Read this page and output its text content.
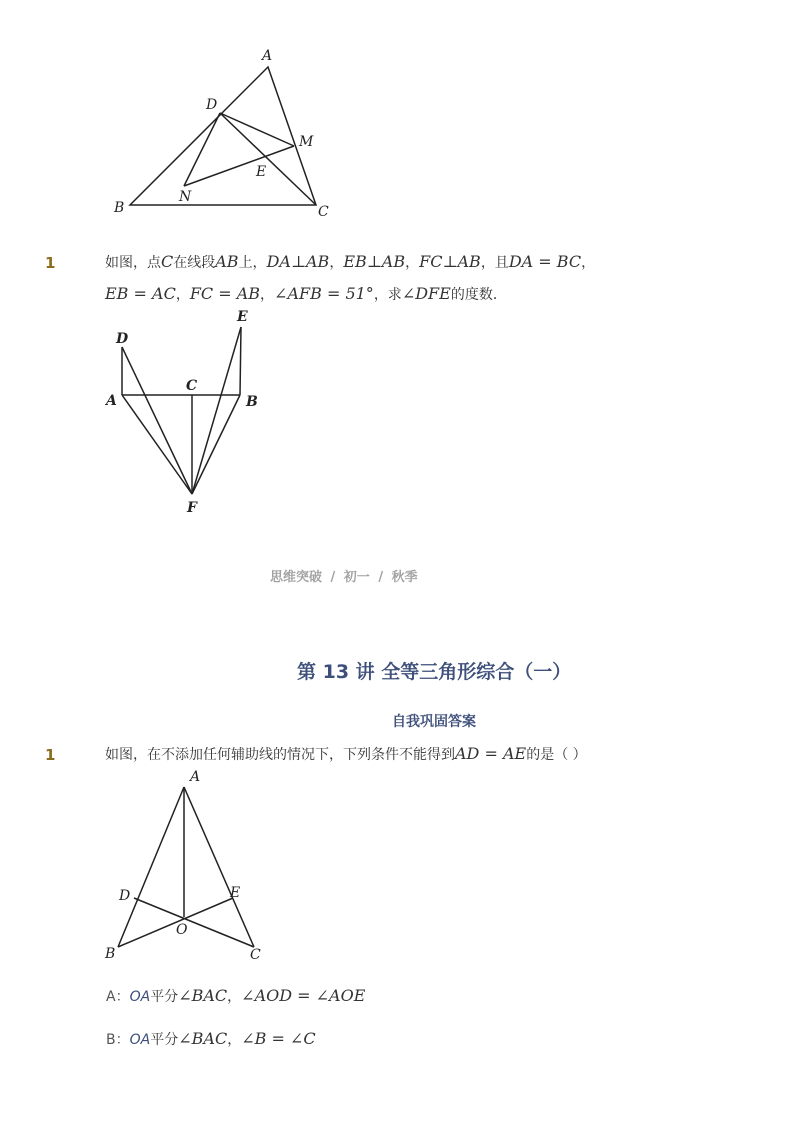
A
D
M
E
N
B	C
1	如图，点C在线段AB上，DA⊥AB，EB⊥AB，FC⊥AB，且DA = BC，
EB = AC，FC = AB，∠AFB = 51°，求∠DFE的度数．
D
E
C
A	B
F
思维突破 / 初一 / 秋季
第 13 讲 全等三角形综合（一）
自我巩固答案
1	如图，在不添加任何辅助线的情况下，下列条件不能得到AD = AE的是（ ）
A
D	E
O
B	C
A：OA平分∠BAC，∠AOD = ∠AOE
B：OA平分∠BAC，∠B = ∠C
